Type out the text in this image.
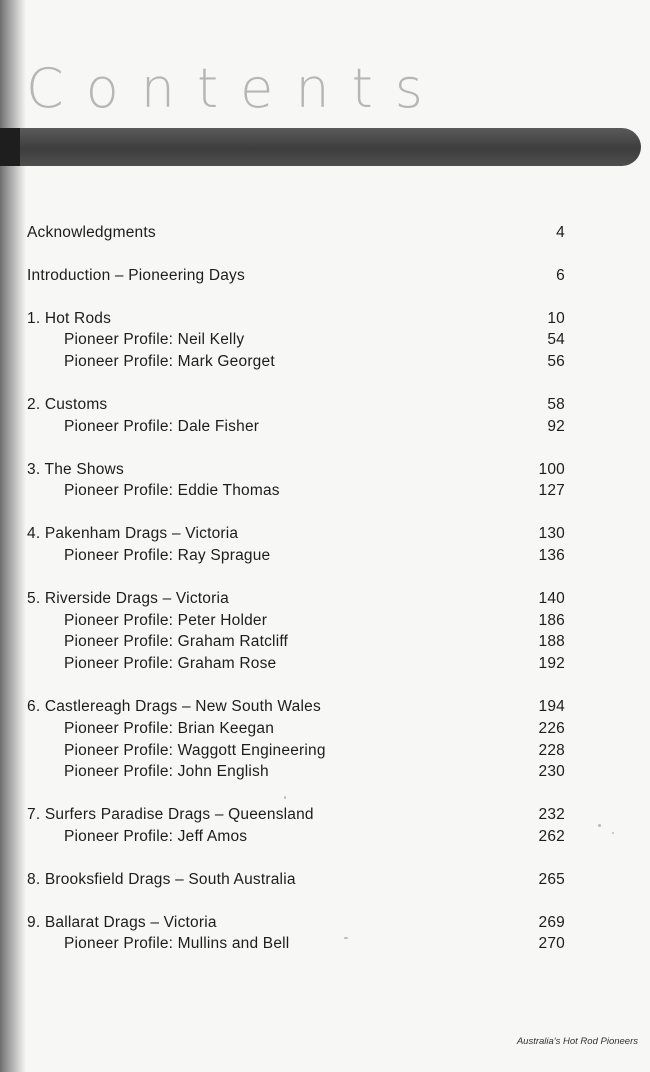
Contents
Acknowledgments	4
Introduction – Pioneering Days	6
1. Hot Rods	10
Pioneer Profile: Neil Kelly	54
Pioneer Profile: Mark Georget	56
2. Customs	58
Pioneer Profile: Dale Fisher	92
3. The Shows	100
Pioneer Profile: Eddie Thomas	127
4. Pakenham Drags – Victoria	130
Pioneer Profile: Ray Sprague	136
5. Riverside Drags – Victoria	140
Pioneer Profile: Peter Holder	186
Pioneer Profile: Graham Ratcliff	188
Pioneer Profile: Graham Rose	192
6. Castlereagh Drags – New South Wales	194
Pioneer Profile: Brian Keegan	226
Pioneer Profile: Waggott Engineering	228
Pioneer Profile: John English	230
7. Surfers Paradise Drags – Queensland	232
Pioneer Profile: Jeff Amos	262
8. Brooksfield Drags – South Australia	265
9. Ballarat Drags – Victoria	269
Pioneer Profile: Mullins and Bell	270
Australia's Hot Rod Pioneers
